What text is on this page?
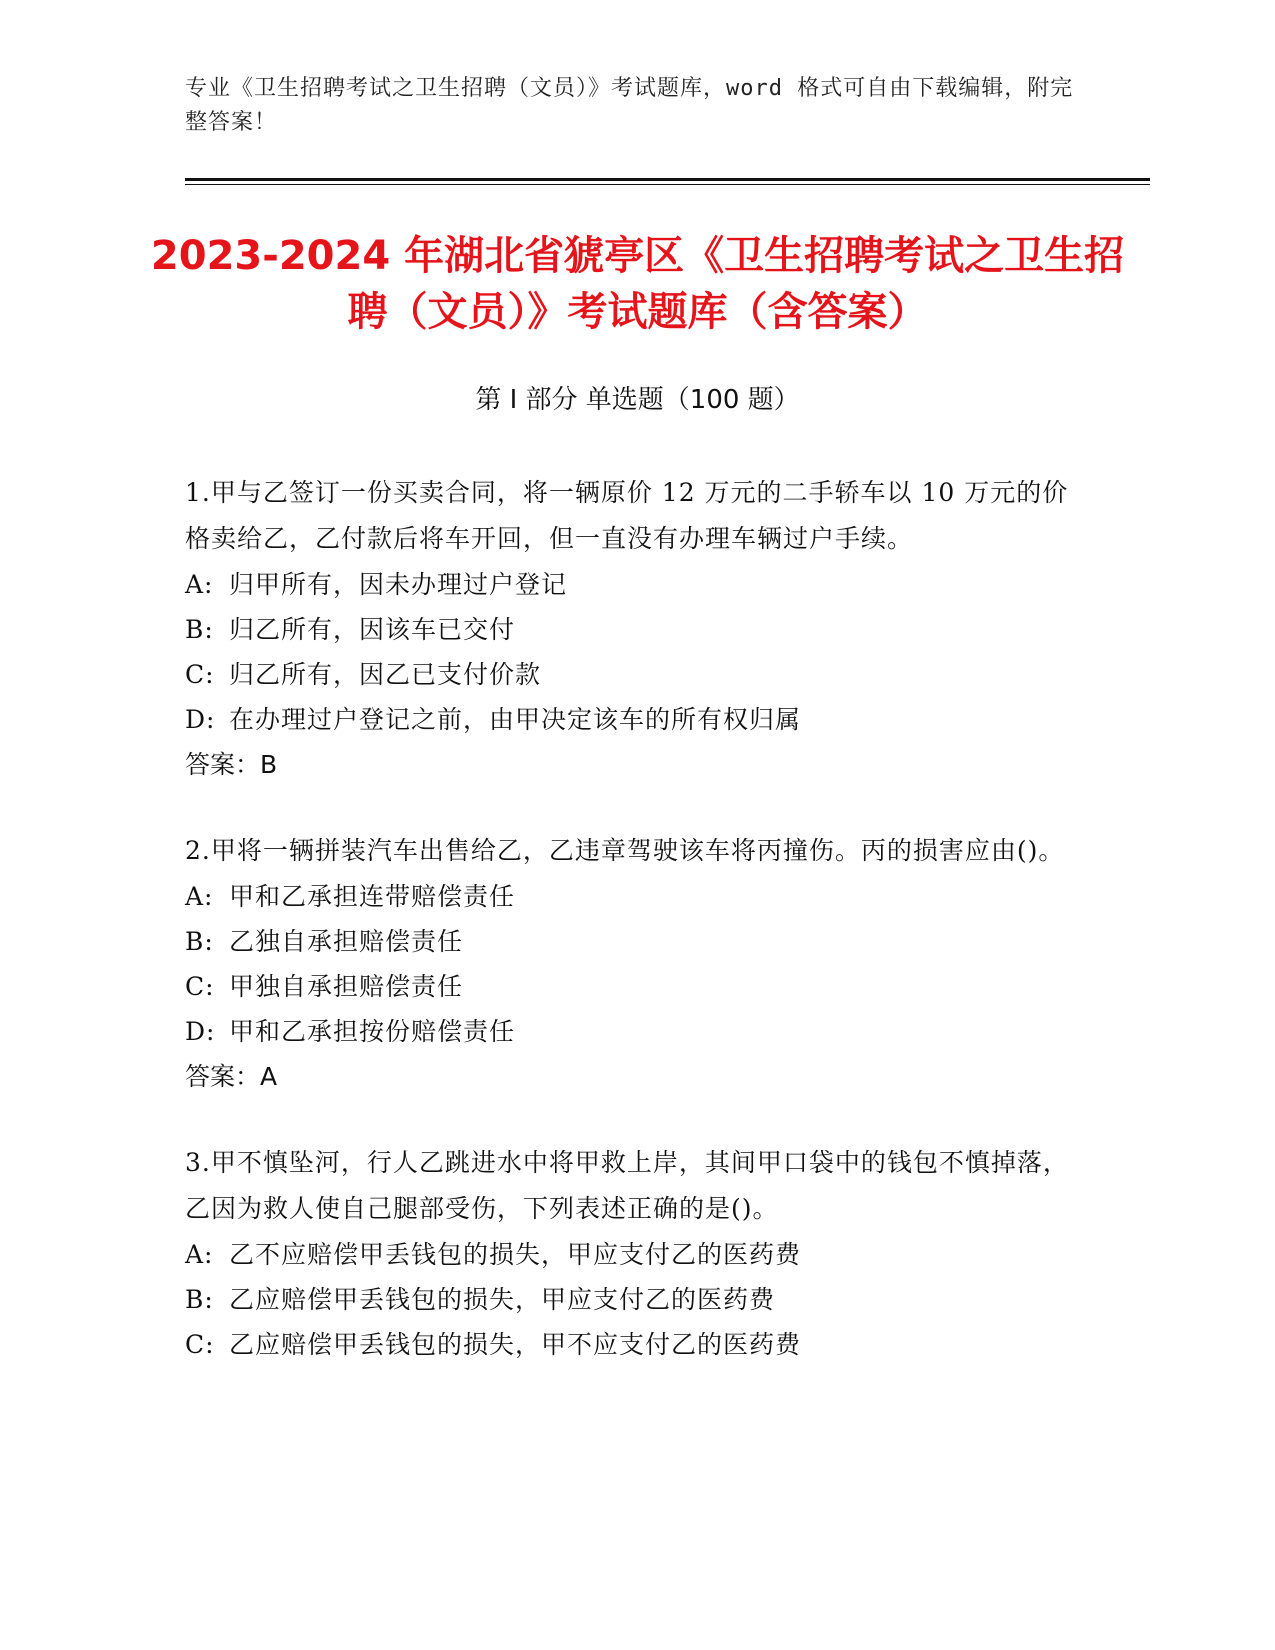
专业《卫生招聘考试之卫生招聘（文员）》考试题库，word 格式可自由下载编辑，附完整答案！
2023-2024 年湖北省猇亭区《卫生招聘考试之卫生招聘（文员）》考试题库（含答案）
第 I 部分 单选题（100 题）
1.甲与乙签订一份买卖合同，将一辆原价 12 万元的二手轿车以 10 万元的价格卖给乙，乙付款后将车开回，但一直没有办理车辆过户手续。
A: 归甲所有，因未办理过户登记
B: 归乙所有，因该车已交付
C: 归乙所有，因乙已支付价款
D: 在办理过户登记之前，由甲决定该车的所有权归属
答案：B
2.甲将一辆拼装汽车出售给乙，乙违章驾驶该车将丙撞伤。丙的损害应由()。
A: 甲和乙承担连带赔偿责任
B: 乙独自承担赔偿责任
C: 甲独自承担赔偿责任
D: 甲和乙承担按份赔偿责任
答案：A
3.甲不慎坠河，行人乙跳进水中将甲救上岸，其间甲口袋中的钱包不慎掉落，乙因为救人使自己腿部受伤，下列表述正确的是()。
A: 乙不应赔偿甲丢钱包的损失，甲应支付乙的医药费
B: 乙应赔偿甲丢钱包的损失，甲应支付乙的医药费
C: 乙应赔偿甲丢钱包的损失，甲不应支付乙的医药费
